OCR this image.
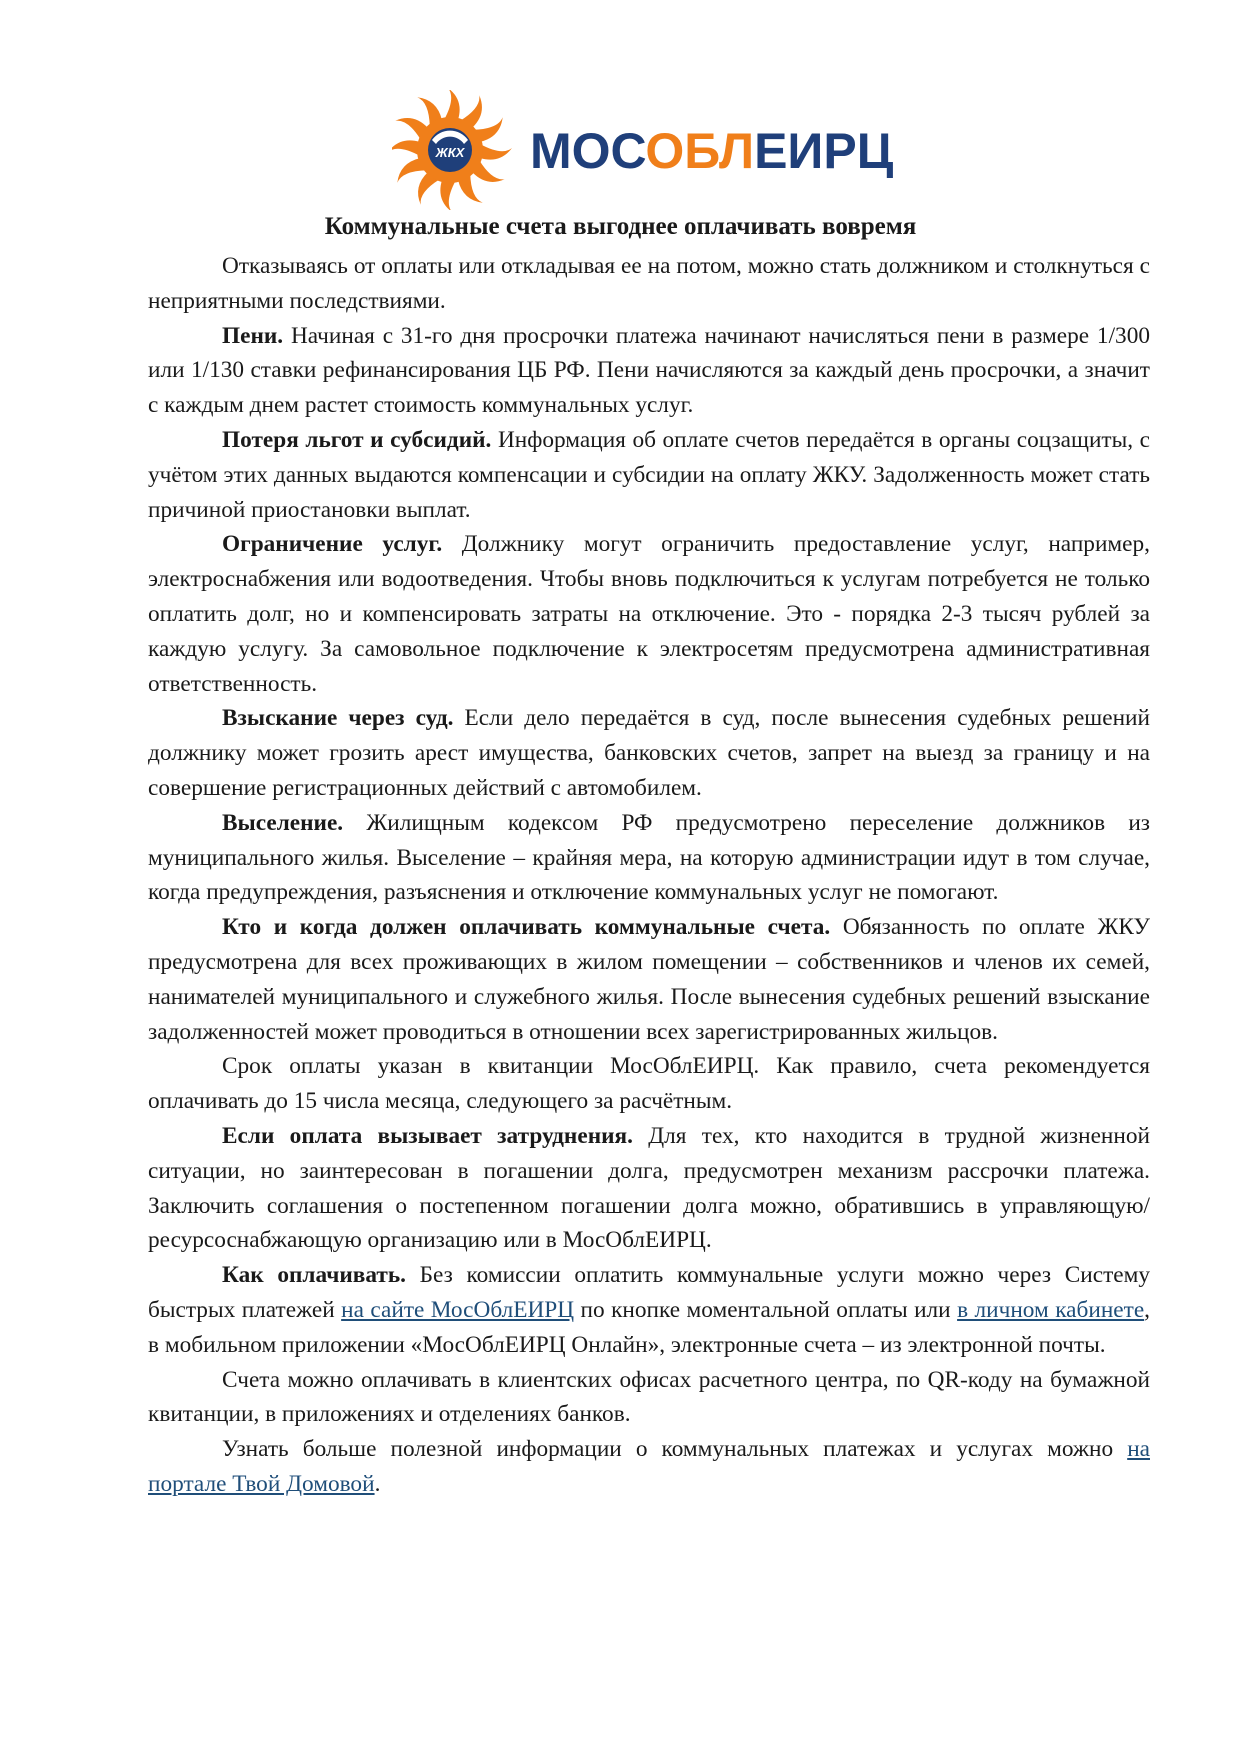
ЖКХ МОСОБЛЕИРЦ
Коммунальные счета выгоднее оплачивать вовремя

Отказываясь от оплаты или откладывая ее на потом, можно стать должником и столкнуться с неприятными последствиями.

Пени. Начиная с 31-го дня просрочки платежа начинают начисляться пени в размере 1/300 или 1/130 ставки рефинансирования ЦБ РФ. Пени начисляются за каждый день просрочки, а значит с каждым днем растет стоимость коммунальных услуг.

Потеря льгот и субсидий. Информация об оплате счетов передаётся в органы соцзащиты, с учётом этих данных выдаются компенсации и субсидии на оплату ЖКУ. Задолженность может стать причиной приостановки выплат.

Ограничение услуг. Должнику могут ограничить предоставление услуг, например, электроснабжения или водоотведения. Чтобы вновь подключиться к услугам потребуется не только оплатить долг, но и компенсировать затраты на отключение. Это - порядка 2-3 тысяч рублей за каждую услугу. За самовольное подключение к электросетям предусмотрена административная ответственность.

Взыскание через суд. Если дело передаётся в суд, после вынесения судебных решений должнику может грозить арест имущества, банковских счетов, запрет на выезд за границу и на совершение регистрационных действий с автомобилем.

Выселение. Жилищным кодексом РФ предусмотрено переселение должников из муниципального жилья. Выселение – крайняя мера, на которую администрации идут в том случае, когда предупреждения, разъяснения и отключение коммунальных услуг не помогают.

Кто и когда должен оплачивать коммунальные счета. Обязанность по оплате ЖКУ предусмотрена для всех проживающих в жилом помещении – собственников и членов их семей, нанимателей муниципального и служебного жилья. После вынесения судебных решений взыскание задолженностей может проводиться в отношении всех зарегистрированных жильцов.

Срок оплаты указан в квитанции МосОблЕИРЦ. Как правило, счета рекомендуется оплачивать до 15 числа месяца, следующего за расчётным.

Если оплата вызывает затруднения. Для тех, кто находится в трудной жизненной ситуации, но заинтересован в погашении долга, предусмотрен механизм рассрочки платежа. Заключить соглашения о постепенном погашении долга можно, обратившись в управляющую/ресурсоснабжающую организацию или в МосОблЕИРЦ.

Как оплачивать. Без комиссии оплатить коммунальные услуги можно через Систему быстрых платежей на сайте МосОблЕИРЦ по кнопке моментальной оплаты или в личном кабинете, в мобильном приложении «МосОблЕИРЦ Онлайн», электронные счета – из электронной почты.

Счета можно оплачивать в клиентских офисах расчетного центра, по QR-коду на бумажной квитанции, в приложениях и отделениях банков.

Узнать больше полезной информации о коммунальных платежах и услугах можно на портале Твой Домовой.
